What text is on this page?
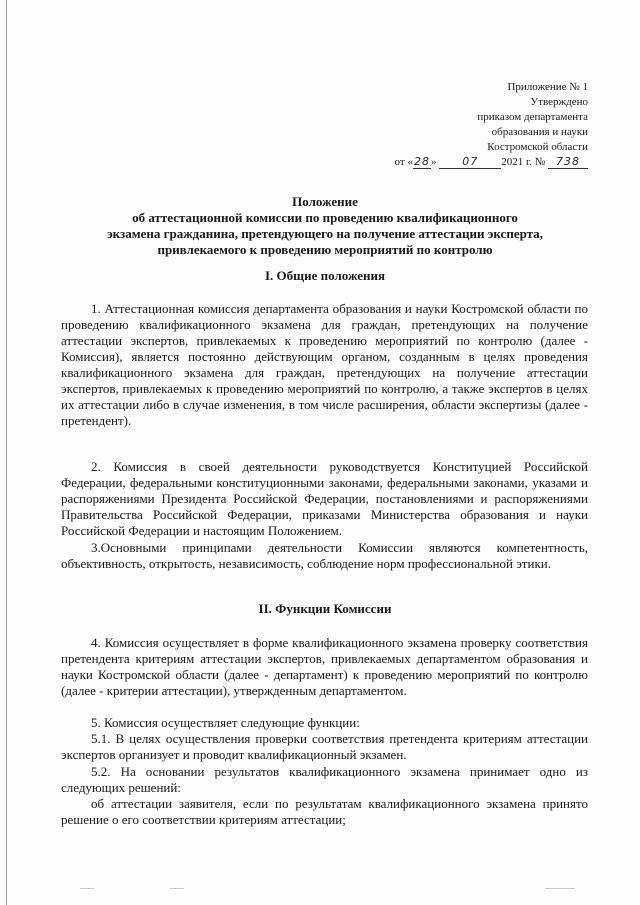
Приложение № 1
Утверждено
приказом департамента
образования и науки
Костромской области
от «28» 07 2021 г. № 738
Положение
об аттестационной комиссии по проведению квалификационного
экзамена гражданина, претендующего на получение аттестации эксперта,
привлекаемого к проведению мероприятий по контролю
I. Общие положения
1. Аттестационная комиссия департамента образования и науки Костромской области по проведению квалификационного экзамена для граждан, претендующих на получение аттестации экспертов, привлекаемых к проведению мероприятий по контролю (далее - Комиссия), является постоянно действующим органом, созданным в целях проведения квалификационного экзамена для граждан, претендующих на получение аттестации экспертов, привлекаемых к проведению мероприятий по контролю, а также экспертов в целях их аттестации либо в случае изменения, в том числе расширения, области экспертизы (далее - претендент).
2. Комиссия в своей деятельности руководствуется Конституцией Российской Федерации, федеральными конституционными законами, федеральными законами, указами и распоряжениями Президента Российской Федерации, постановлениями и распоряжениями Правительства Российской Федерации, приказами Министерства образования и науки Российской Федерации и настоящим Положением.
3.Основными принципами деятельности Комиссии являются компетентность, объективность, открытость, независимость, соблюдение норм профессиональной этики.
II. Функции Комиссии
4. Комиссия осуществляет в форме квалификационного экзамена проверку соответствия претендента критериям аттестации экспертов, привлекаемых департаментом образования и науки Костромской области (далее - департамент) к проведению мероприятий по контролю (далее - критерии аттестации), утвержденным департаментом.
5. Комиссия осуществляет следующие функции:
5.1. В целях осуществления проверки соответствия претендента критериям аттестации экспертов организует и проводит квалификационный экзамен.
5.2. На основании результатов квалификационного экзамена принимает одно из следующих решений:
об аттестации заявителя, если по результатам квалификационного экзамена принято решение о его соответствии критериям аттестации;
